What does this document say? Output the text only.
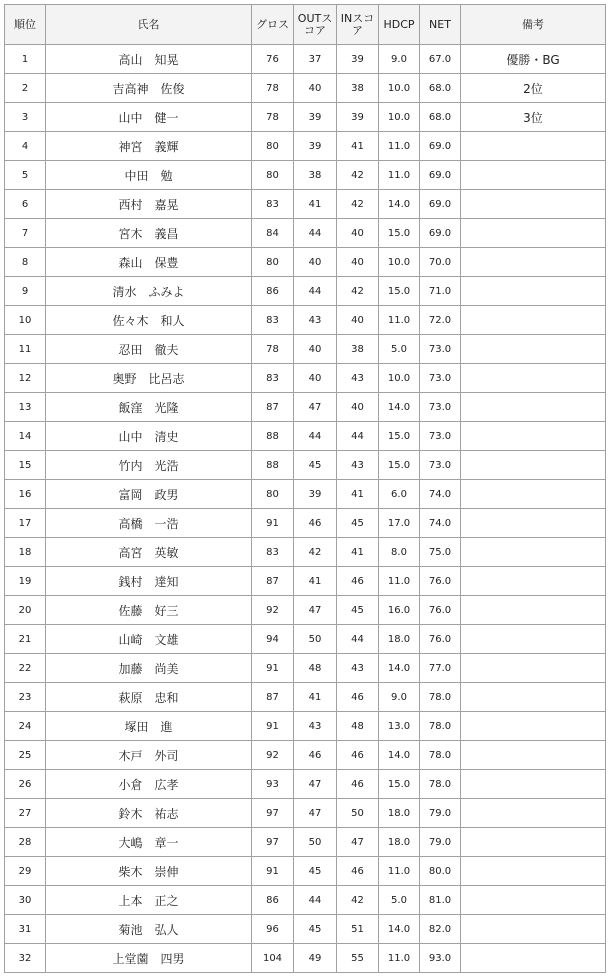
順位	氏名	グロス	OUTスコア	INスコア	HDCP	NET	備考
1	高山　知晃	76	37	39	9.0	67.0	優勝・BG
2	吉高神　佐俊	78	40	38	10.0	68.0	2位
3	山中　健一	78	39	39	10.0	68.0	3位
4	神宮　義輝	80	39	41	11.0	69.0	
5	中田　勉	80	38	42	11.0	69.0	
6	西村　嘉晃	83	41	42	14.0	69.0	
7	宮木　義昌	84	44	40	15.0	69.0	
8	森山　保豊	80	40	40	10.0	70.0	
9	清水　ふみよ	86	44	42	15.0	71.0	
10	佐々木　和人	83	43	40	11.0	72.0	
11	忍田　徹夫	78	40	38	5.0	73.0	
12	奥野　比呂志	83	40	43	10.0	73.0	
13	飯窪　光隆	87	47	40	14.0	73.0	
14	山中　清史	88	44	44	15.0	73.0	
15	竹内　光浩	88	45	43	15.0	73.0	
16	富岡　政男	80	39	41	6.0	74.0	
17	高橋　一浩	91	46	45	17.0	74.0	
18	高宮　英敏	83	42	41	8.0	75.0	
19	銭村　達知	87	41	46	11.0	76.0	
20	佐藤　好三	92	47	45	16.0	76.0	
21	山崎　文雄	94	50	44	18.0	76.0	
22	加藤　尚美	91	48	43	14.0	77.0	
23	萩原　忠和	87	41	46	9.0	78.0	
24	塚田　進	91	43	48	13.0	78.0	
25	木戸　外司	92	46	46	14.0	78.0	
26	小倉　広孝	93	47	46	15.0	78.0	
27	鈴木　祐志	97	47	50	18.0	79.0	
28	大嶋　章一	97	50	47	18.0	79.0	
29	柴木　崇伸	91	45	46	11.0	80.0	
30	上本　正之	86	44	42	5.0	81.0	
31	菊池　弘人	96	45	51	14.0	82.0	
32	上堂薗　四男	104	49	55	11.0	93.0	
